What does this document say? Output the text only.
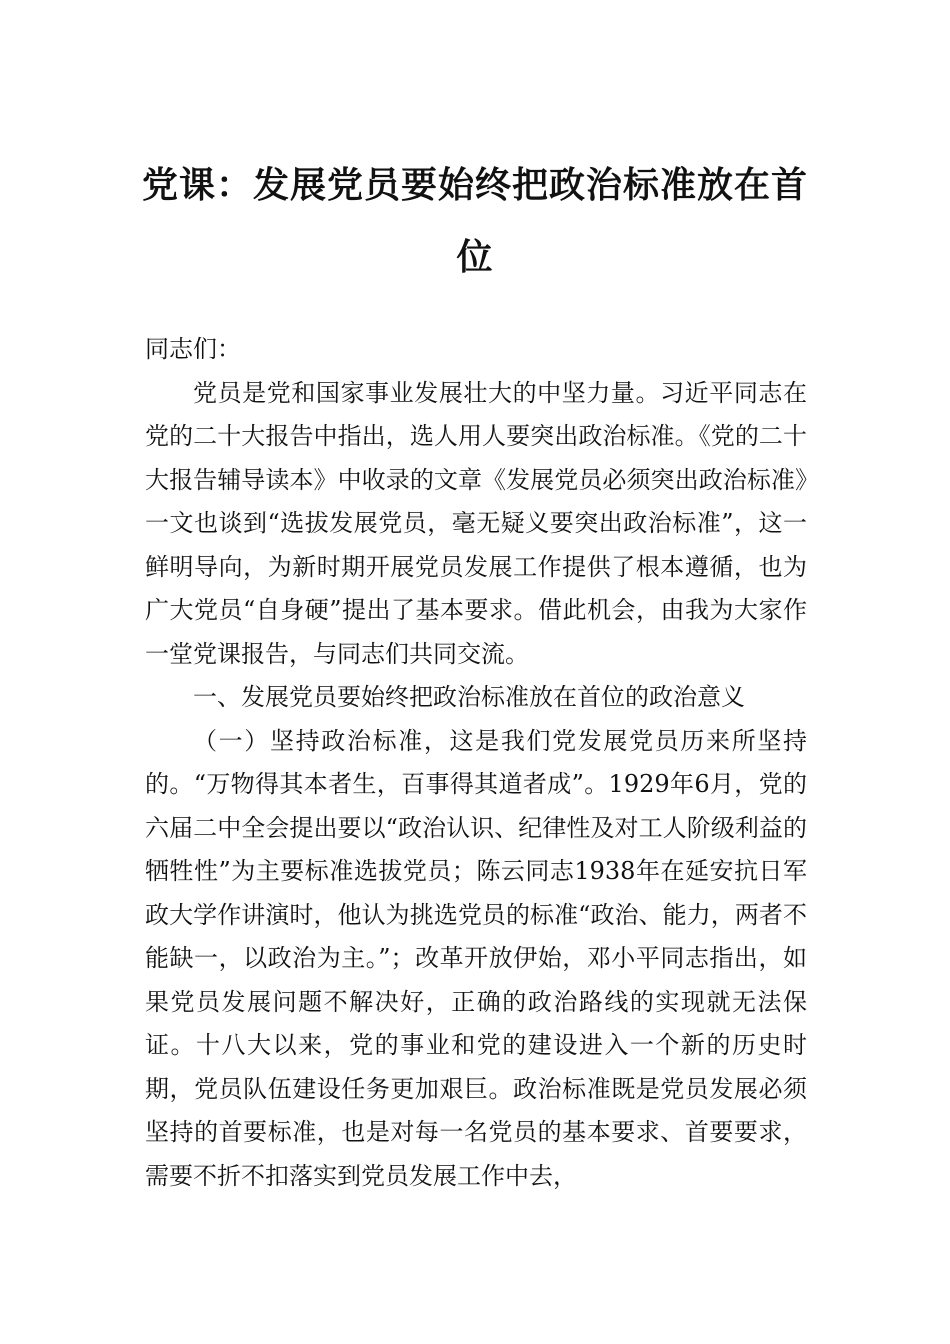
党课：发展党员要始终把政治标准放在首位

同志们：

党员是党和国家事业发展壮大的中坚力量。习近平同志在党的二十大报告中指出，选人用人要突出政治标准。《党的二十大报告辅导读本》中收录的文章《发展党员必须突出政治标准》一文也谈到“选拔发展党员，毫无疑义要突出政治标准”，这一鲜明导向，为新时期开展党员发展工作提供了根本遵循，也为广大党员“自身硬”提出了基本要求。借此机会，由我为大家作一堂党课报告，与同志们共同交流。

一、发展党员要始终把政治标准放在首位的政治意义

（一）坚持政治标准，这是我们党发展党员历来所坚持的。“万物得其本者生，百事得其道者成”。1929年6月，党的六届二中全会提出要以“政治认识、纪律性及对工人阶级利益的牺牲性”为主要标准选拔党员；陈云同志1938年在延安抗日军政大学作讲演时，他认为挑选党员的标准“政治、能力，两者不能缺一，以政治为主。”；改革开放伊始，邓小平同志指出，如果党员发展问题不解决好，正确的政治路线的实现就无法保证。十八大以来，党的事业和党的建设进入一个新的历史时期，党员队伍建设任务更加艰巨。政治标准既是党员发展必须坚持的首要标准，也是对每一名党员的基本要求、首要要求，需要不折不扣落实到党员发展工作中去，
